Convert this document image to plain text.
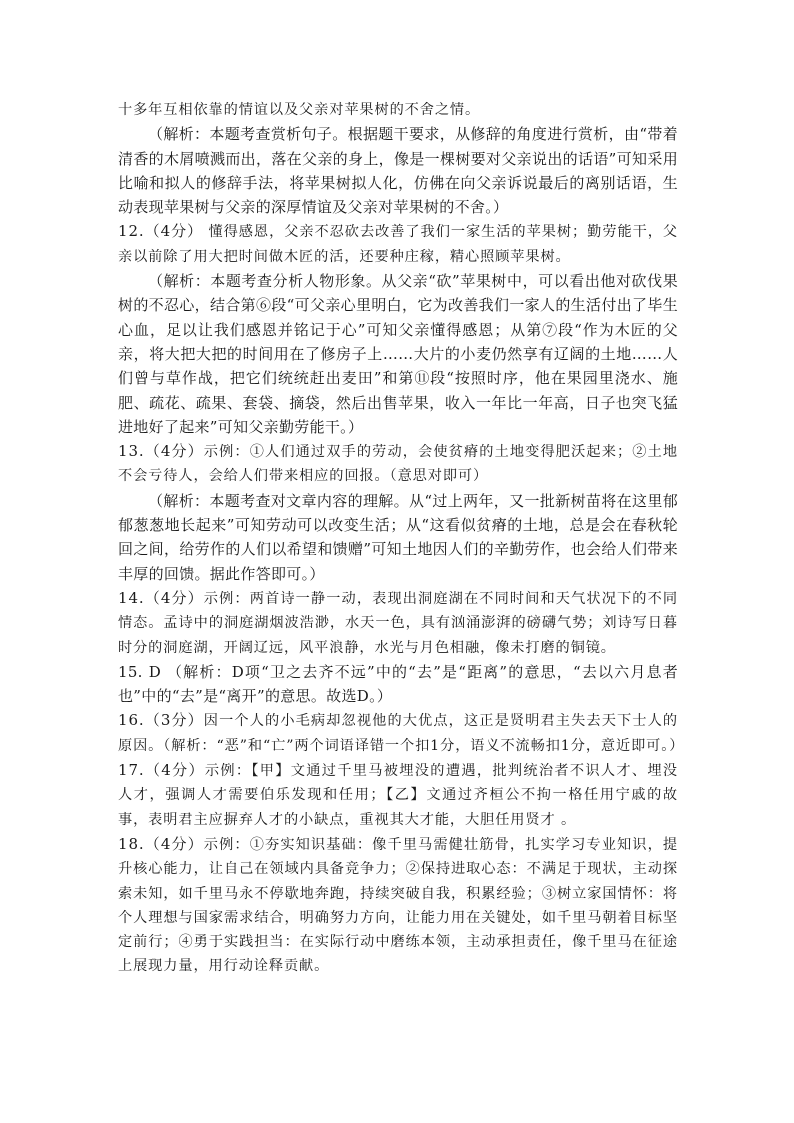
十多年互相依靠的情谊以及父亲对苹果树的不舍之情。

（解析：本题考查赏析句子。根据题干要求，从修辞的角度进行赏析，由“带着清香的木屑喷溅而出，落在父亲的身上，像是一棵树要对父亲说出的话语”可知采用比喻和拟人的修辞手法，将苹果树拟人化，仿佛在向父亲诉说最后的离别话语，生动表现苹果树与父亲的深厚情谊及父亲对苹果树的不舍。）

12.（4分） 懂得感恩，父亲不忍砍去改善了我们一家生活的苹果树；勤劳能干，父亲以前除了用大把时间做木匠的活，还要种庄稼，精心照顾苹果树。

（解析：本题考查分析人物形象。从父亲“砍”苹果树中，可以看出他对砍伐果树的不忍心，结合第⑥段“可父亲心里明白，它为改善我们一家人的生活付出了毕生心血，足以让我们感恩并铭记于心”可知父亲懂得感恩；从第⑦段“作为木匠的父亲，将大把大把的时间用在了修房子上……大片的小麦仍然享有辽阔的土地……人们曾与草作战，把它们统统赶出麦田”和第⑪段“按照时序，他在果园里浇水、施肥、疏花、疏果、套袋、摘袋，然后出售苹果，收入一年比一年高，日子也突飞猛进地好了起来”可知父亲勤劳能干。）

13.（4分）示例：①人们通过双手的劳动，会使贫瘠的土地变得肥沃起来；②土地不会亏待人，会给人们带来相应的回报。（意思对即可）

（解析：本题考查对文章内容的理解。从“过上两年，又一批新树苗将在这里郁郁葱葱地长起来”可知劳动可以改变生活；从“这看似贫瘠的土地，总是会在春秋轮回之间，给劳作的人们以希望和馈赠”可知土地因人们的辛勤劳作，也会给人们带来丰厚的回馈。据此作答即可。）

14.（4分）示例：两首诗一静一动，表现出洞庭湖在不同时间和天气状况下的不同情态。孟诗中的洞庭湖烟波浩渺，水天一色，具有汹涌澎湃的磅礴气势；刘诗写日暮时分的洞庭湖，开阔辽远，风平浪静，水光与月色相融，像未打磨的铜镜。

15. D （解析：D项“卫之去齐不远”中的“去”是“距离”的意思，“去以六月息者也”中的“去”是“离开”的意思。故选D。）

16.（3分）因一个人的小毛病却忽视他的大优点，这正是贤明君主失去天下士人的原因。（解析：“恶”和“亡”两个词语译错一个扣1分，语义不流畅扣1分，意近即可。）

17.（4分）示例：【甲】文通过千里马被埋没的遭遇，批判统治者不识人才、埋没人才，强调人才需要伯乐发现和任用；【乙】文通过齐桓公不拘一格任用宁戚的故事，表明君主应摒弃人才的小缺点，重视其大才能，大胆任用贤才 。

18.（4分）示例：①夯实知识基础：像千里马需健壮筋骨，扎实学习专业知识，提升核心能力，让自己在领域内具备竞争力；②保持进取心态：不满足于现状，主动探索未知，如千里马永不停歇地奔跑，持续突破自我，积累经验；③树立家国情怀：将个人理想与国家需求结合，明确努力方向，让能力用在关键处，如千里马朝着目标坚定前行；④勇于实践担当：在实际行动中磨练本领，主动承担责任，像千里马在征途上展现力量，用行动诠释贡献。
